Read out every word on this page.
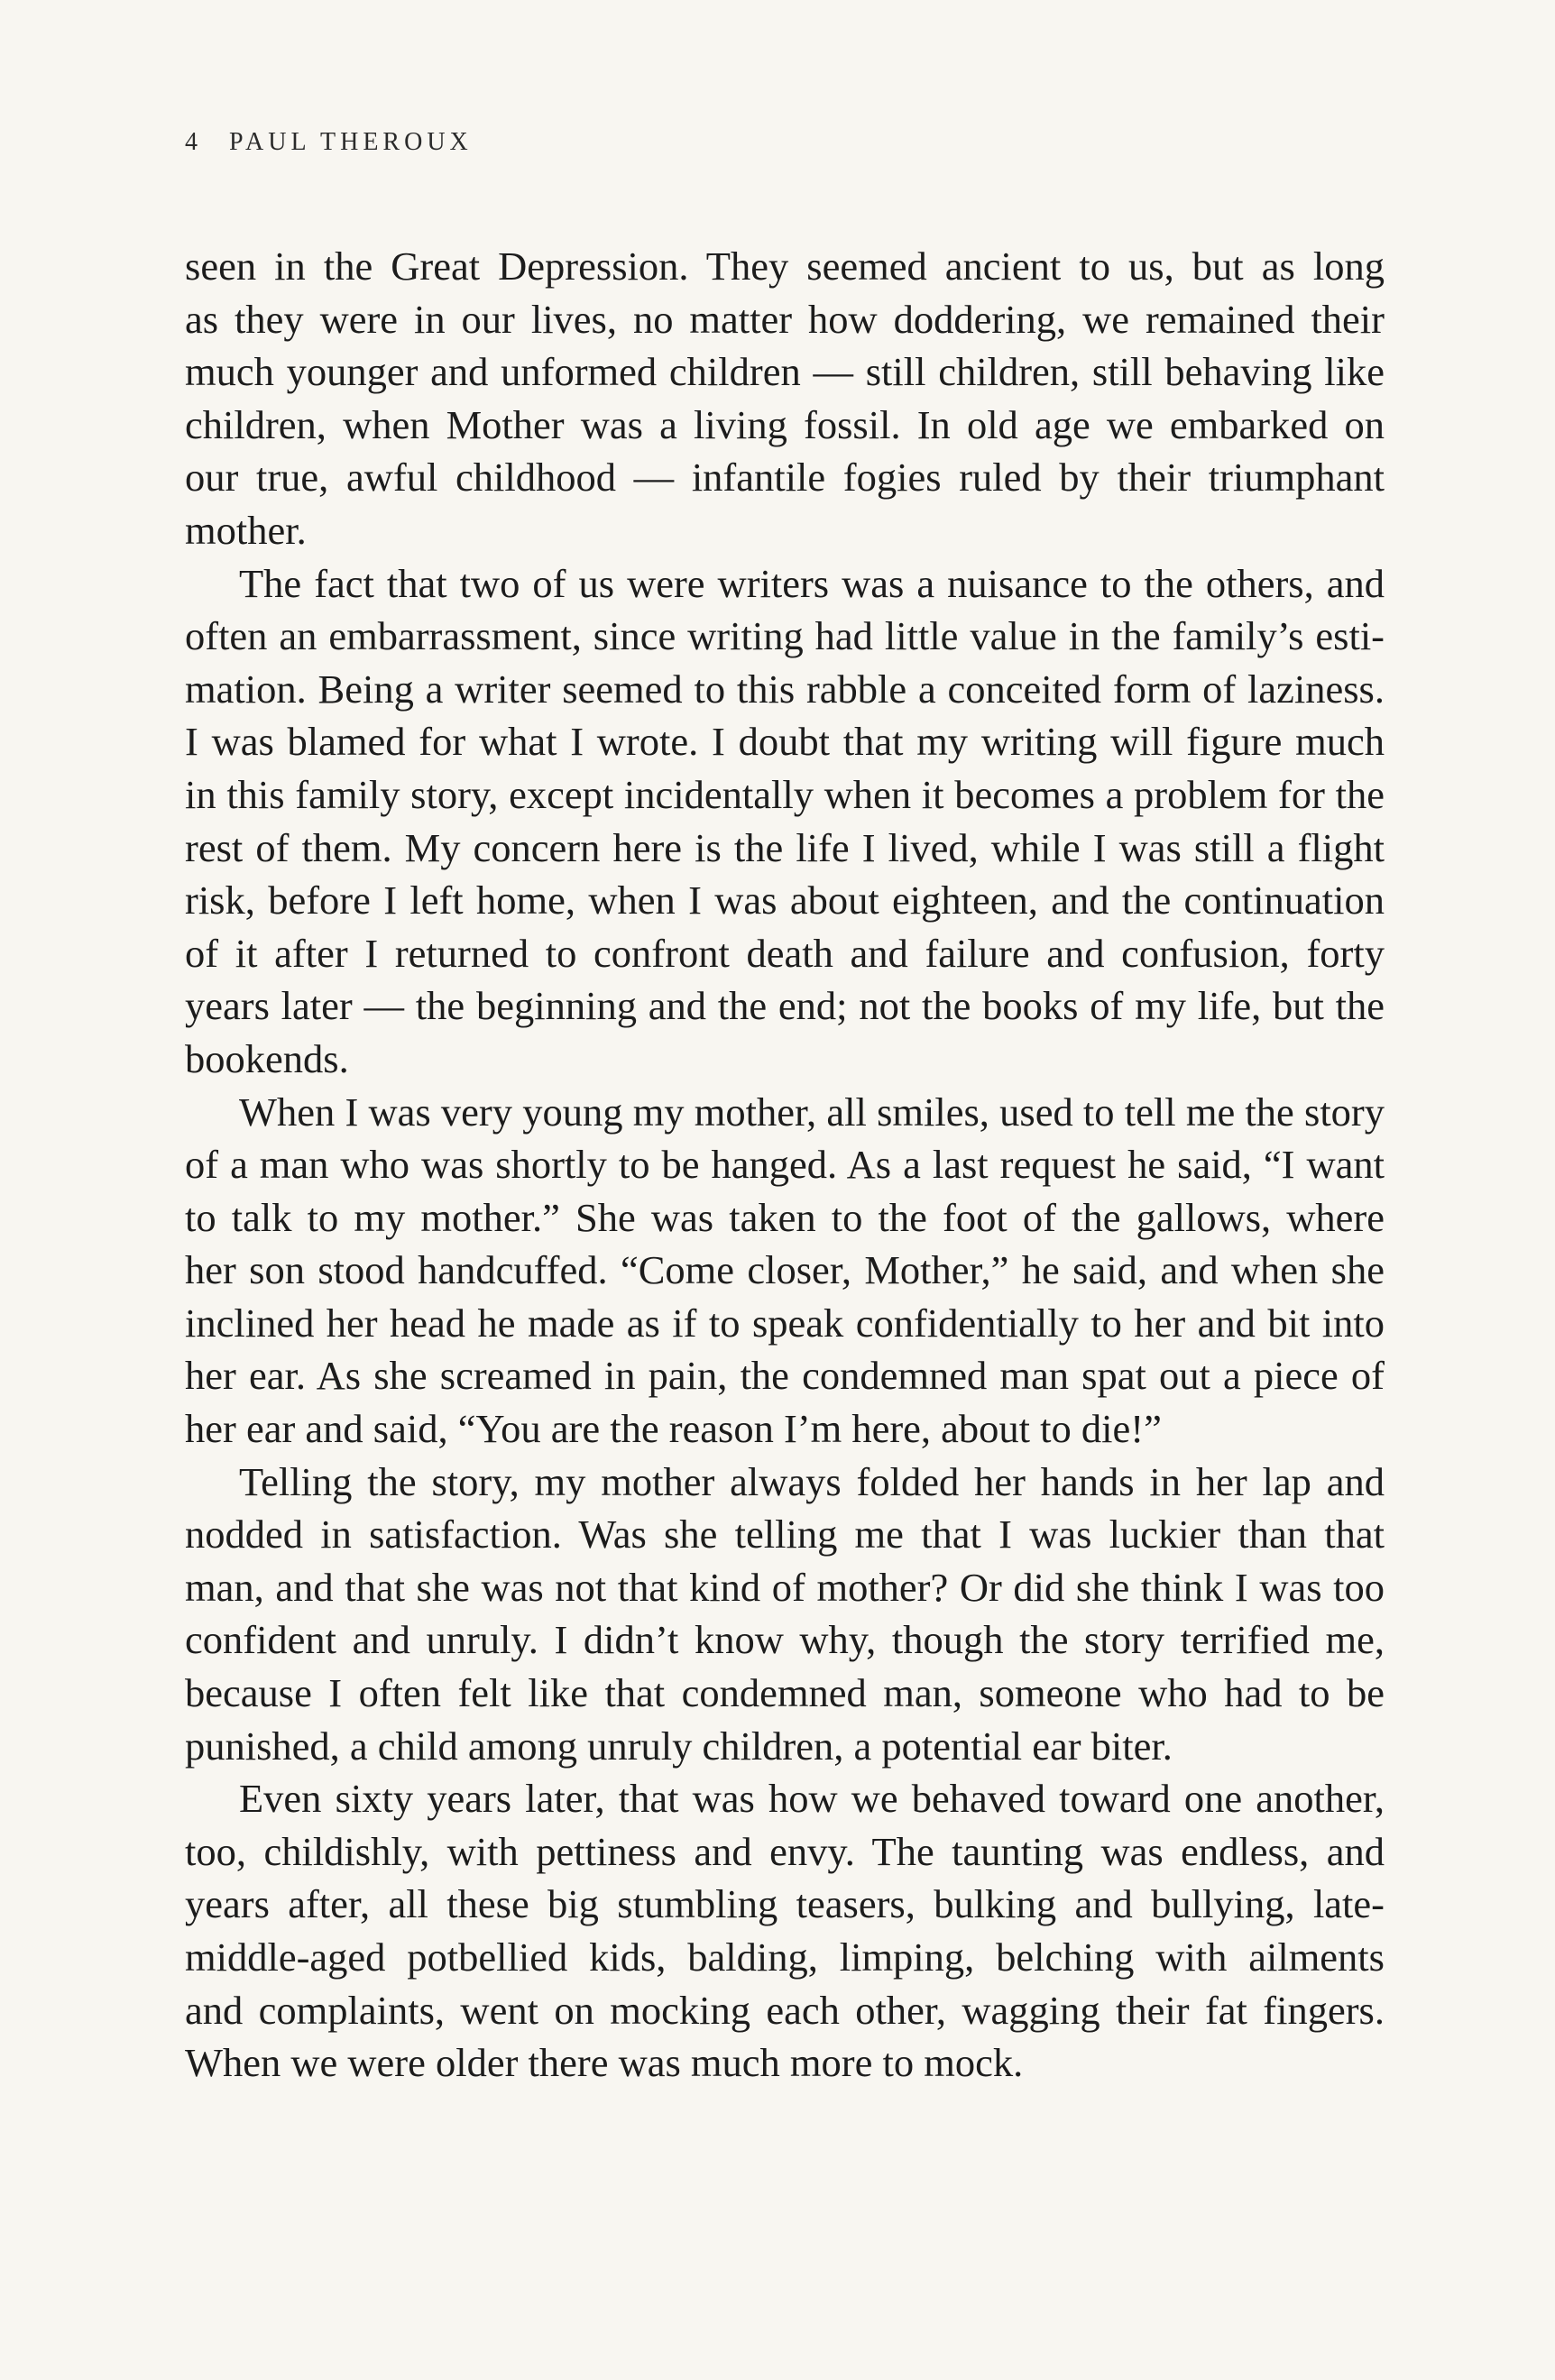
4 PAUL THEROUX
seen in the Great Depression. They seemed ancient to us, but as long
as they were in our lives, no matter how doddering, we remained their
much younger and unformed children — still children, still behaving like
children, when Mother was a living fossil. In old age we embarked on
our true, awful childhood — infantile fogies ruled by their triumphant
mother.
The fact that two of us were writers was a nuisance to the others, and
often an embarrassment, since writing had little value in the family’s esti-
mation. Being a writer seemed to this rabble a conceited form of laziness.
I was blamed for what I wrote. I doubt that my writing will figure much
in this family story, except incidentally when it becomes a problem for the
rest of them. My concern here is the life I lived, while I was still a flight
risk, before I left home, when I was about eighteen, and the continuation
of it after I returned to confront death and failure and confusion, forty
years later — the beginning and the end; not the books of my life, but the
bookends.
When I was very young my mother, all smiles, used to tell me the story
of a man who was shortly to be hanged. As a last request he said, “I want
to talk to my mother.” She was taken to the foot of the gallows, where
her son stood handcuffed. “Come closer, Mother,” he said, and when she
inclined her head he made as if to speak confidentially to her and bit into
her ear. As she screamed in pain, the condemned man spat out a piece of
her ear and said, “You are the reason I’m here, about to die!”
Telling the story, my mother always folded her hands in her lap and
nodded in satisfaction. Was she telling me that I was luckier than that
man, and that she was not that kind of mother? Or did she think I was too
confident and unruly. I didn’t know why, though the story terrified me,
because I often felt like that condemned man, someone who had to be
punished, a child among unruly children, a potential ear biter.
Even sixty years later, that was how we behaved toward one another,
too, childishly, with pettiness and envy. The taunting was endless, and
years after, all these big stumbling teasers, bulking and bullying, late-
middle-aged potbellied kids, balding, limping, belching with ailments
and complaints, went on mocking each other, wagging their fat fingers.
When we were older there was much more to mock.
